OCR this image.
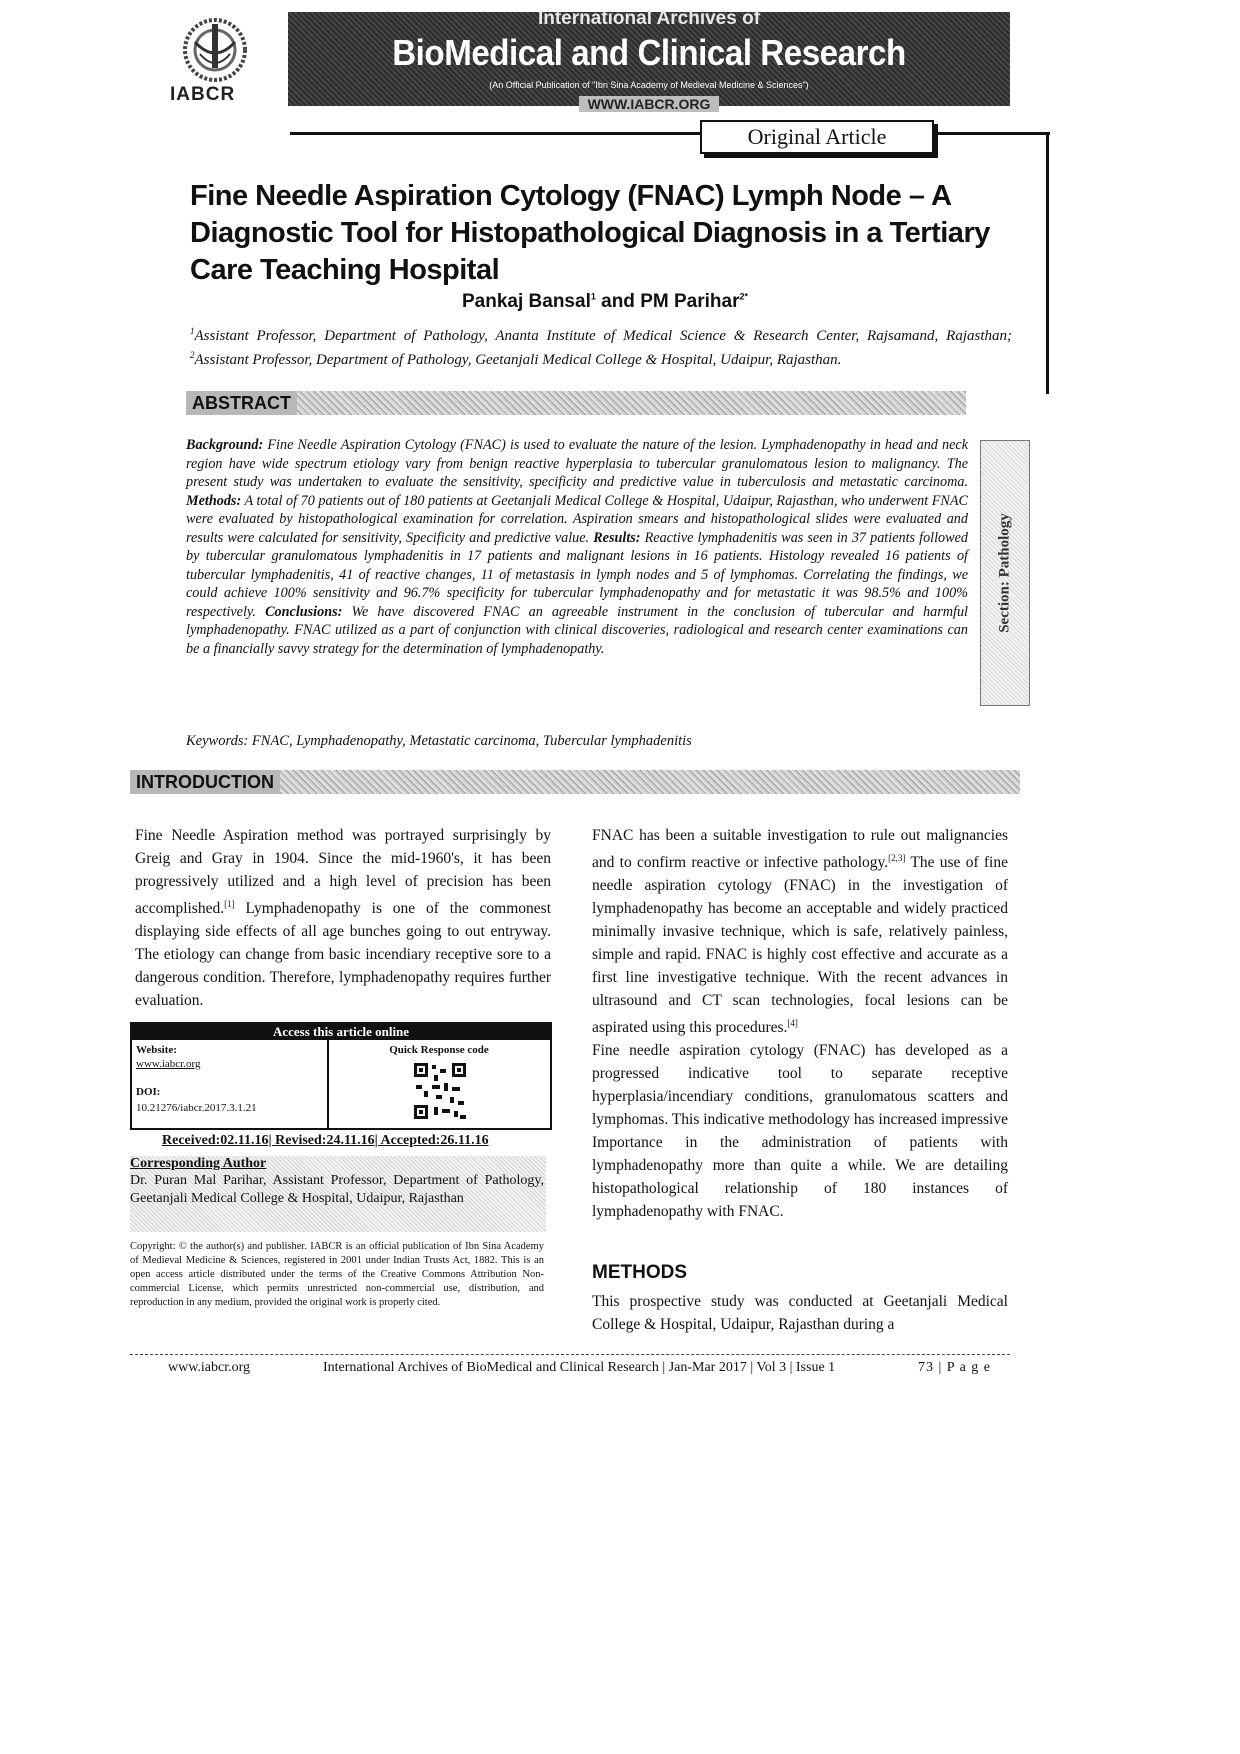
IABCR
International Archives of
BioMedical and Clinical Research
(An Official Publication of "Ibn Sina Academy of Medieval Medicine & Sciences")
WWW.IABCR.ORG
Original Article
Fine Needle Aspiration Cytology (FNAC) Lymph Node – A Diagnostic Tool for Histopathological Diagnosis in a Tertiary Care Teaching Hospital
Pankaj Bansal$^1$ and PM Parihar$^{2*}$
$^1$Assistant Professor, Department of Pathology, Ananta Institute of Medical Science & Research Center, Rajsamand, Rajasthan; $^2$Assistant Professor, Department of Pathology, Geetanjali Medical College & Hospital, Udaipur, Rajasthan.
ABSTRACT
Background: Fine Needle Aspiration Cytology (FNAC) is used to evaluate the nature of the lesion. Lymphadenopathy in head and neck region have wide spectrum etiology vary from benign reactive hyperplasia to tubercular granulomatous lesion to malignancy. The present study was undertaken to evaluate the sensitivity, specificity and predictive value in tuberculosis and metastatic carcinoma. Methods: A total of 70 patients out of 180 patients at Geetanjali Medical College & Hospital, Udaipur, Rajasthan, who underwent FNAC were evaluated by histopathological examination for correlation. Aspiration smears and histopathological slides were evaluated and results were calculated for sensitivity, Specificity and predictive value. Results: Reactive lymphadenitis was seen in 37 patients followed by tubercular granulomatous lymphadenitis in 17 patients and malignant lesions in 16 patients. Histology revealed 16 patients of tubercular lymphadenitis, 41 of reactive changes, 11 of metastasis in lymph nodes and 5 of lymphomas. Correlating the findings, we could achieve 100% sensitivity and 96.7% specificity for tubercular lymphadenopathy and for metastatic it was 98.5% and 100% respectively. Conclusions: We have discovered FNAC an agreeable instrument in the conclusion of tubercular and harmful lymphadenopathy. FNAC utilized as a part of conjunction with clinical discoveries, radiological and research center examinations can be a financially savvy strategy for the determination of lymphadenopathy.
Section: Pathology
Keywords: FNAC, Lymphadenopathy, Metastatic carcinoma, Tubercular lymphadenitis
INTRODUCTION
Fine Needle Aspiration method was portrayed surprisingly by Greig and Gray in 1904. Since the mid-1960's, it has been progressively utilized and a high level of precision has been accomplished.[1] Lymphadenopathy is one of the commonest displaying side effects of all age bunches going to out entryway. The etiology can change from basic incendiary receptive sore to a dangerous condition. Therefore, lymphadenopathy requires further evaluation.
FNAC has been a suitable investigation to rule out malignancies and to confirm reactive or infective pathology.[2,3] The use of fine needle aspiration cytology (FNAC) in the investigation of lymphadenopathy has become an acceptable and widely practiced minimally invasive technique, which is safe, relatively painless, simple and rapid. FNAC is highly cost effective and accurate as a first line investigative technique. With the recent advances in ultrasound and CT scan technologies, focal lesions can be aspirated using this procedures.[4]
Fine needle aspiration cytology (FNAC) has developed as a progressed indicative tool to separate receptive hyperplasia/incendiary conditions, granulomatous scatters and lymphomas. This indicative methodology has increased impressive Importance in the administration of patients with lymphadenopathy more than quite a while. We are detailing histopathological relationship of 180 instances of lymphadenopathy with FNAC.
Access this article online
Website:
www.iabcr.org
DOI:
10.21276/iabcr.2017.3.1.21
Quick Response code
Received:02.11.16| Revised:24.11.16| Accepted:26.11.16
Corresponding Author
Dr. Puran Mal Parihar, Assistant Professor, Department of Pathology, Geetanjali Medical College & Hospital, Udaipur, Rajasthan
Copyright: © the author(s) and publisher. IABCR is an official publication of Ibn Sina Academy of Medieval Medicine & Sciences, registered in 2001 under Indian Trusts Act, 1882. This is an open access article distributed under the terms of the Creative Commons Attribution Non-commercial License, which permits unrestricted non-commercial use, distribution, and reproduction in any medium, provided the original work is properly cited.
METHODS
This prospective study was conducted at Geetanjali Medical College & Hospital, Udaipur, Rajasthan during a
www.iabcr.org	International Archives of BioMedical and Clinical Research | Jan-Mar 2017 | Vol 3 | Issue 1	73 | P a g e
